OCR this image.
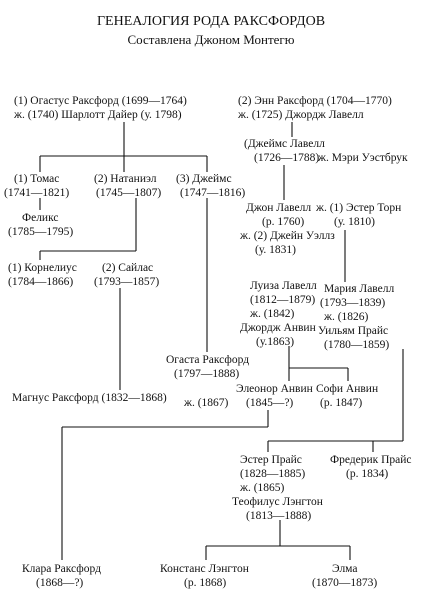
ГЕНЕАЛОГИЯ РОДА РАКСФОРДОВ
Составлена Джоном Монтегю
(1) Огастус Раксфорд (1699—1764)
ж. (1740) Шарлотт Дайер (у. 1798)
(2) Энн Раксфорд (1704—1770)
ж. (1725) Джордж Лавелл
(1) Томас
(1741—1821)
(2) Натаниэл
(1745—1807)
(3) Джеймс
(1747—1816)
(Джеймс Лавелл
(1726—1788)
ж. Мэри Уэстбрук
Феликс
(1785—1795)
Джон Лавелл
(р. 1760)
ж. (2) Джейн Уэллз
(у. 1831)
ж. (1) Эстер Торн
(у. 1810)
(1) Корнелиус
(1784—1866)
(2) Сайлас
(1793—1857)	Луиза Лавелл
(1812—1879)
ж. (1842)
Джордж Анвин
(у.1863)
Мария Лавелл
(1793—1839)
ж. (1826)
Уильям Прайс
(1780—1859)
Огаста Раксфорд
(1797—1888)
Магнус Раксфорд (1832—1868)
Элеонор Анвин
(1845—?)
ж. (1867)
Софи Анвин
(р. 1847)
Эстер Прайс
(1828—1885)
ж. (1865)
Теофилус Лэнгтон
(1813—1888)
Фредерик Прайс
(р. 1834)
Клара Раксфорд
(1868—?)
Констанс Лэнгтон
(р. 1868)
Элма
(1870—1873)
